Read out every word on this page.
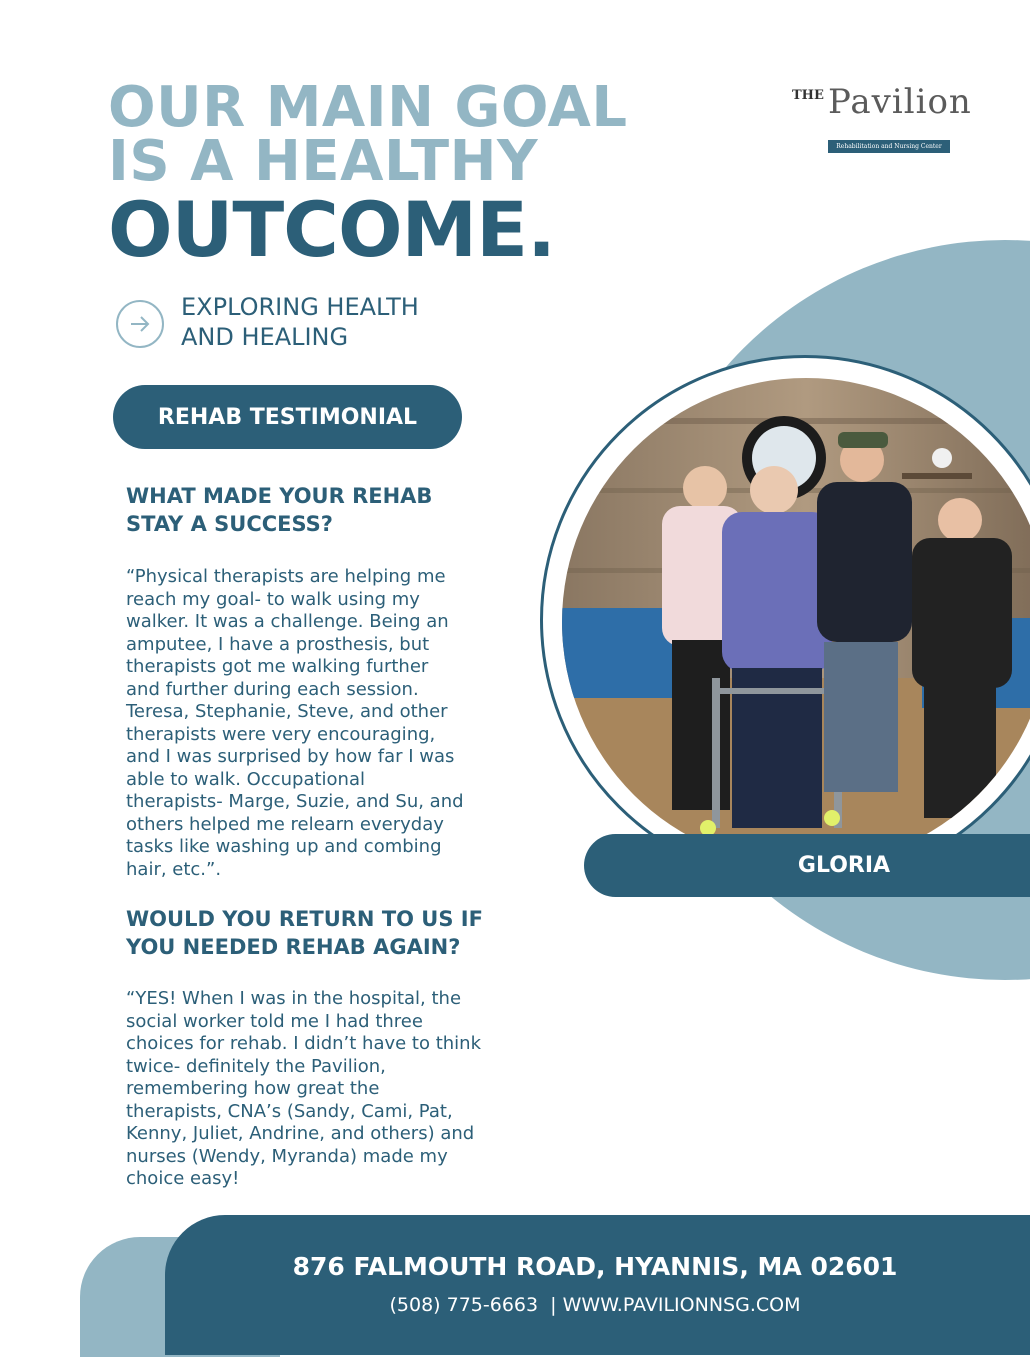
OUR MAIN GOAL
IS A HEALTHY
OUTCOME.
THE Pavilion
Rehabilitation and Nursing Center
EXPLORING HEALTH
AND HEALING
REHAB TESTIMONIAL
WHAT MADE YOUR REHAB
STAY A SUCCESS?
“Physical therapists are helping me
reach my goal- to walk using my
walker. It was a challenge. Being an
amputee, I have a prosthesis, but
therapists got me walking further
and further during each session.
Teresa, Stephanie, Steve, and other
therapists were very encouraging,
and I was surprised by how far I was
able to walk. Occupational
therapists- Marge, Suzie, and Su, and
others helped me relearn everyday
tasks like washing up and combing
hair, etc.”.
WOULD YOU RETURN TO US IF
YOU NEEDED REHAB AGAIN?
“YES! When I was in the hospital, the
social worker told me I had three
choices for rehab. I didn’t have to think
twice- definitely the Pavilion,
remembering how great the
therapists, CNA’s (Sandy, Cami, Pat,
Kenny, Juliet, Andrine, and others) and
nurses (Wendy, Myranda) made my
choice easy!
GLORIA
876 FALMOUTH ROAD, HYANNIS, MA 02601
(508) 775-6663  | WWW.PAVILIONNSG.COM
